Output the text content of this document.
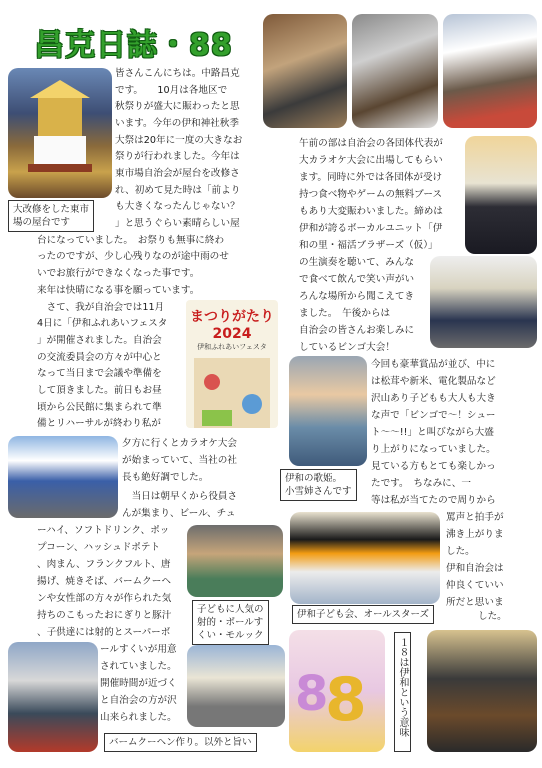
昌克日誌・88
まつりがたり 2024
伊和ふれあいフェスタ
8
8
皆さんこんにちは。中路昌克
です。　　10月は各地区で
秋祭りが盛大に賑わったと思
います。今年の伊和神社秋季
大祭は20年に一度の大きなお
祭りが行われました。今年は
東市場自治会が屋台を改修さ
れ、初めて見た時は「前より
も大きくなったんじゃない？
」と思うぐらい素晴らしい屋
台になっていました。　お祭りも無事に終わ
ったのですが、少し心残りなのが途中雨のせ
いでお旅行ができなくなった事です。
来年は快晴になる事を願っています。
　さて、我が自治会では11月
4日に「伊和ふれあいフェスタ
」が開催されました。自治会
の交流委員会の方々が中心と
なって当日まで会議や準備を
して頂きました。前日もお昼
頃から公民館に集まられて準
備とリハーサルが終わり私が
夕方に行くとカラオケ大会
が始まっていて、当社の社
長も絶好調でした。
　当日は朝早くから役員さ
んが集まり、ビール、チュ
ーハイ、ソフトドリンク、ポッ
プコーン、ハッシュドポテト
、肉まん、フランクフルト、唐
揚げ、焼きそば、バームクーヘ
ンや女性部の方々が作られた気
持ちのこもったおにぎりと豚汁
、子供達には射的とスーパーボ
ールすくいが用意
されていました。
開催時間が近づく
と自治会の方が沢
山来られました。
午前の部は自治会の各団体代表が
大カラオケ大会に出場してもらい
ます。同時に外では各団体が受け
持つ食べ物やゲームの無料ブース
もあり大変賑わいました。締めは
伊和が誇るボーカルユニット「伊
和の里・福活ブラザーズ（仮）」
の生演奏を聴いて、みんな
で食べて飲んで笑い声がい
ろんな場所から聞こえてき
ました。　午後からは
自治会の皆さんお楽しみに
しているビンゴ大会！
今回も豪華賞品が並び、中に
は松茸や新米、電化製品など
沢山あり子どもも大人も大き
な声で「ビンゴで〜！シュー
ト〜〜!!」と叫びながら大盛
り上がりになっていました。
見ている方もとても楽しかっ
たです。　ちなみに、一
等は私が当てたので周りから
罵声と拍手が
沸き上がりま
した。
伊和自治会は
仲良くていい
所だと思いま
した。
大改修をした東市
場の屋台です
伊和の歌姫。
小雪姉さんです
伊和子ども会、オールスターズ
子どもに人気の
射的・ボールす
くい・モルック
バームクーヘン作り。以外と旨い
１８は伊和という意味
